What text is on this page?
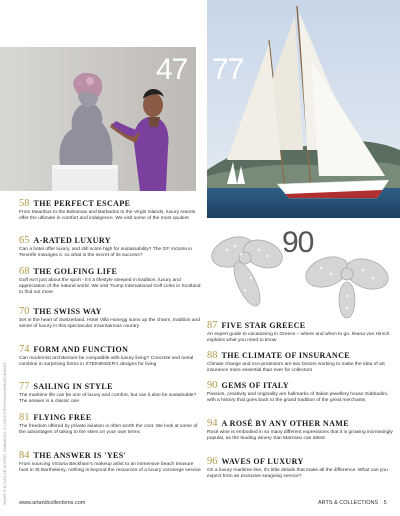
47 77
90
58 THE PERFECT ESCAPE
From Mauritius to the Bahamas and Barbados to the Virgin Islands, luxury resorts offer the ultimate in comfort and indulgence. We visit some of the most opulent
65 A-RATED LUXURY
Can a hotel offer luxury, and still score high for sustainability? The GF Victoria in Tenerife manages it, so what is the secret of its success?
68 THE GOLFING LIFE
Golf isn't just about the sport - it's a lifestyle steeped in tradition, luxury and appreciation of the natural world. We visit Trump International Golf Links in Scotland to find out more
70 THE SWISS WAY
Set in the heart of Switzerland, Hotel Villa Honegg sums up the charm, tradition and sense of luxury in this spectacular mountainous country
74 FORM AND FUNCTION
Can modernist architecture be compatible with luxury living? Concrete and metal combine in surprising forms in STEININGER's designs for living
77 SAILING IN STYLE
The maritime life can be one of luxury and comfort, but can it also be sustainable? The answer is a classic one
81 FLYING FREE
The freedom offered by private aviation is often worth the cost. We look at some of the advantages of taking to the skies on your own terms
84 THE ANSWER IS 'YES'
From sourcing Victoria Beckham's makeup artist to an immersive beach treasure hunt in St Barthelemy, nothing is beyond the resources of a luxury concierge service
87 FIVE STAR GREECE
An expert guide to vacationing in Greece – where and when to go. Ileana von Hirsch explains what you need to know
88 THE CLIMATE OF INSURANCE
Climate change and eco-protestors are two factors working to make the idea of art insurance more essential than ever for collectors
90 GEMS OF ITALY
Passion, creativity and originality are hallmarks of Italian jewellery house Sabbadini, with a history that goes back to the grand tradition of the great merchants
94 A ROSÉ BY ANY OTHER NAME
Rosé wine is embodied in so many different expressions that it is growing increasingly popular, as the leading winery San Marzano can attest
96 WAVES OF LUXURY
On a luxury maritime line, it's little details that make all the difference. What can you expect from an exclusive seagoing service?
www.artandcollections.com	ARTS & COLLECTIONS 5
IMAGE © DYLAN DE SLATER; SABBADINI; © LUCIE ROVIN/SAILINGBOATIMAGES
